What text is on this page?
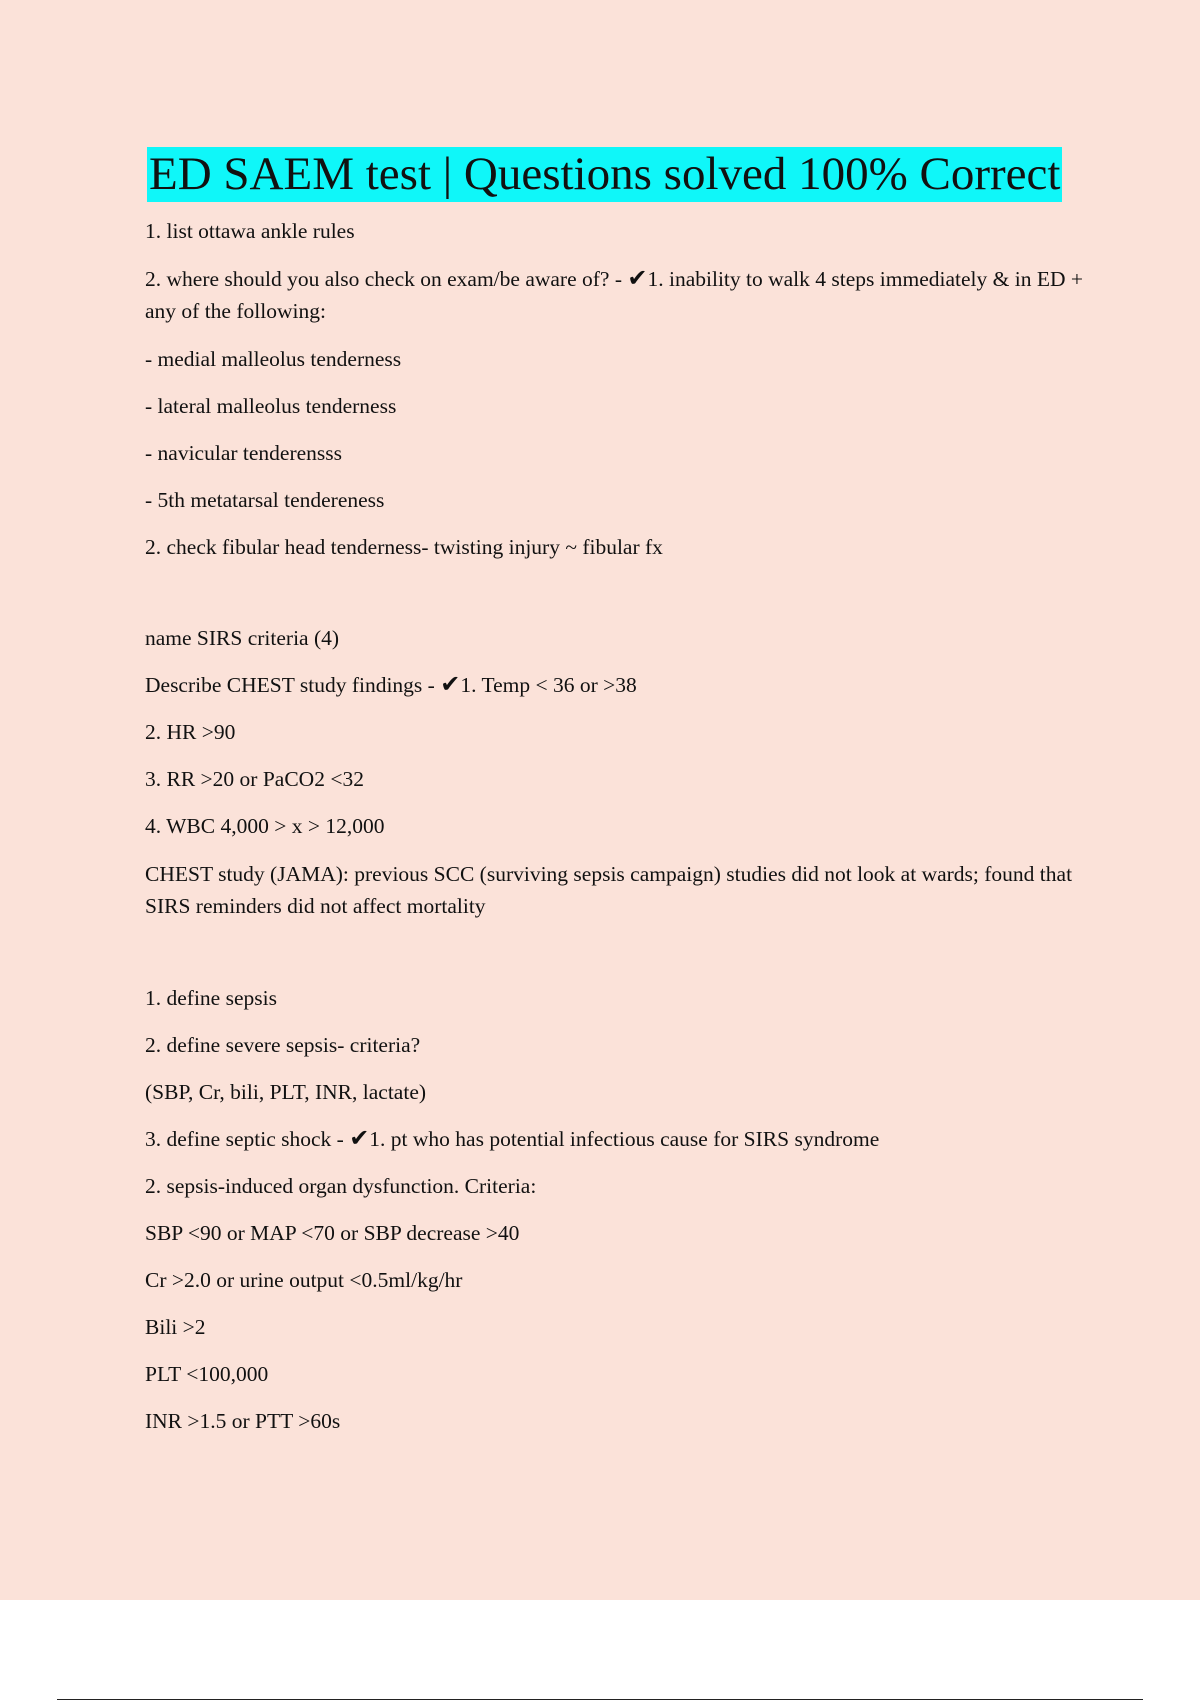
ED SAEM test | Questions solved 100% Correct
1. list ottawa ankle rules
2. where should you also check on exam/be aware of? - ✔1. inability to walk 4 steps immediately & in ED + any of the following:
- medial malleolus tenderness
- lateral malleolus tenderness
- navicular tenderensss
- 5th metatarsal tendereness
2. check fibular head tenderness- twisting injury ~ fibular fx
name SIRS criteria (4)
Describe CHEST study findings - ✔1. Temp < 36 or >38
2. HR >90
3. RR >20 or PaCO2 <32
4. WBC 4,000 > x > 12,000
CHEST study (JAMA): previous SCC (surviving sepsis campaign) studies did not look at wards; found that SIRS reminders did not affect mortality
1. define sepsis
2. define severe sepsis- criteria?
(SBP, Cr, bili, PLT, INR, lactate)
3. define septic shock - ✔1. pt who has potential infectious cause for SIRS syndrome
2. sepsis-induced organ dysfunction. Criteria:
SBP <90 or MAP <70 or SBP decrease >40
Cr >2.0 or urine output <0.5ml/kg/hr
Bili >2
PLT <100,000
INR >1.5 or PTT >60s
